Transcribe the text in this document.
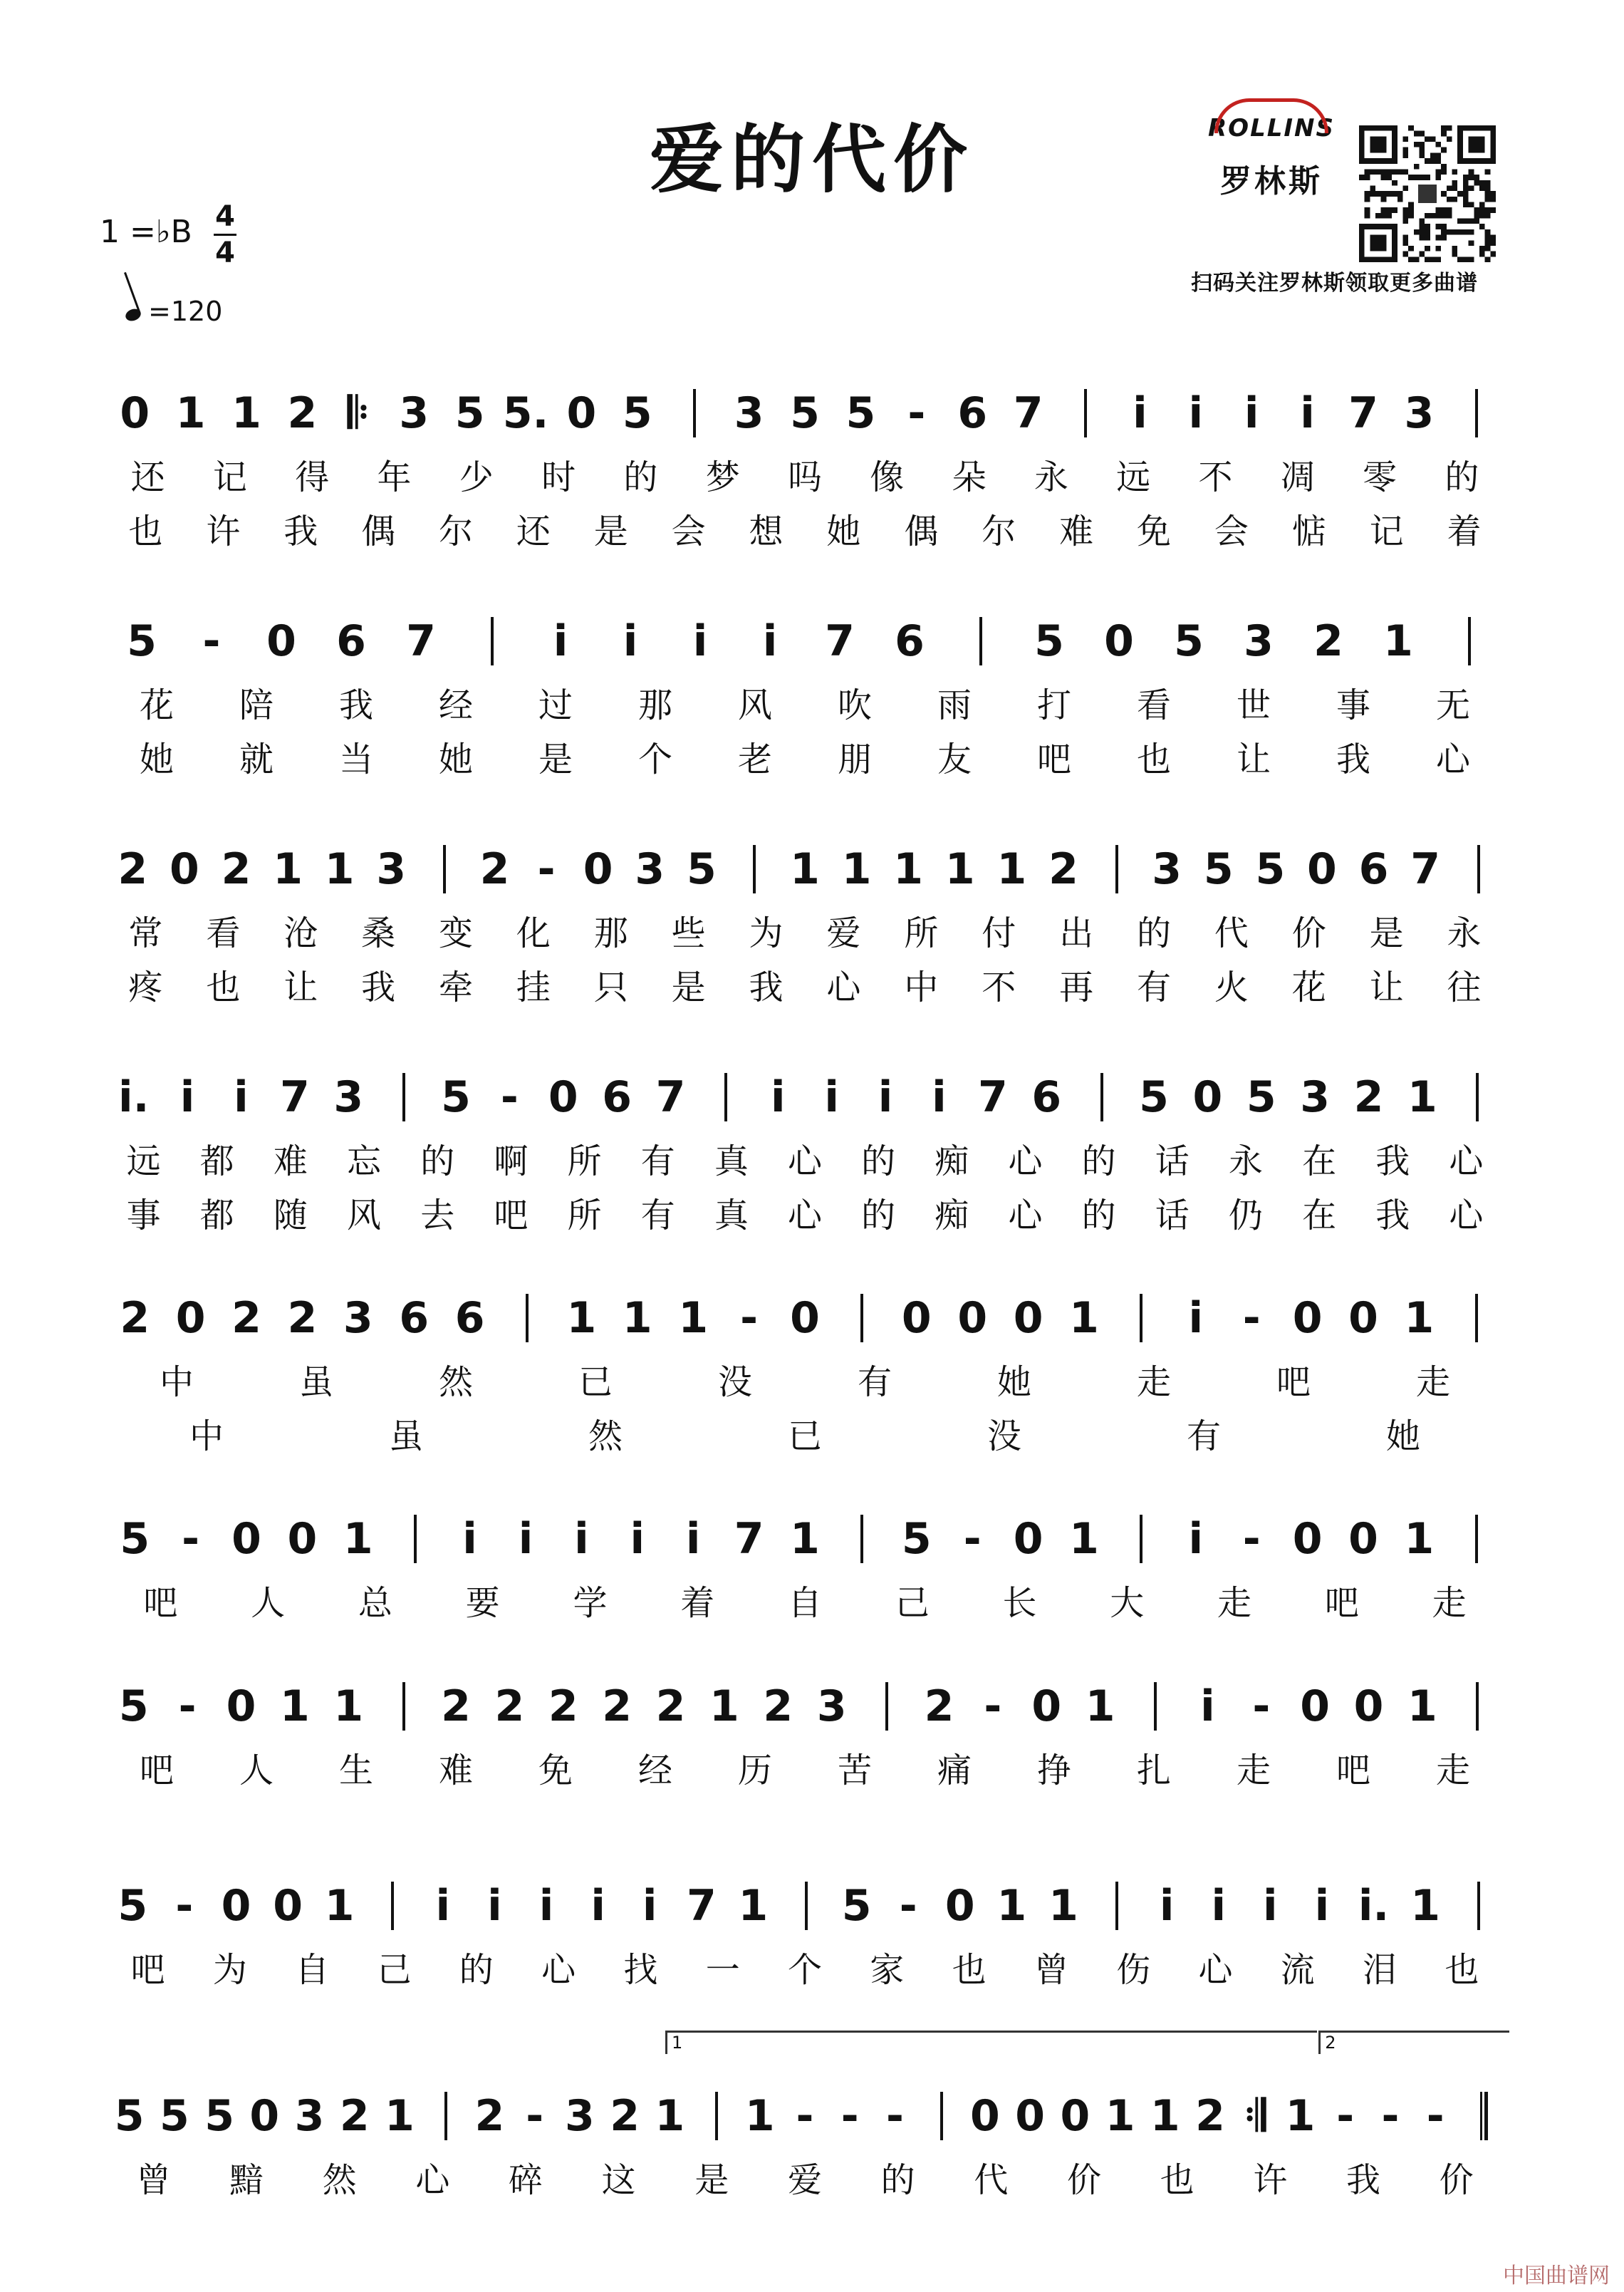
爱的代价
1 =♭B 4
4
=120
ROLLINS
罗林斯
扫码关注罗林斯领取更多曲谱
0 1 1 2 𝄆 3 5 5. 0 5 3 5 5 - 6 7 i i i i 7 3
还 记 得 年 少 时 的 梦 吗 像 朵 永 远 不 凋 零 的
也 许 我 偶 尔 还 是 会 想 她 偶 尔 难 免 会 惦 记 着
5 - 0 6 7	i i i i 7 6	5 0 5 3 2 1
花 陪 我 经 过 那 风 吹 雨 打 看 世 事 无
她 就 当 她 是 个 老 朋 友 吧 也 让 我 心
2 0 2 1 1 3 2 - 0 3 5 1 1 1 1 1 2 3 5 5 0 6 7
常 看 沧 桑 变 化 那 些 为 爱 所 付 出 的 代 价 是 永
疼 也 让 我 牵 挂 只 是 我 心 中 不 再 有 火 花 让 往
i. i i 7 3 5 - 0 6 7 i i i i 7 6 5 0 5 3 2 1
远 都 难 忘 的 啊 所 有 真 心 的 痴 心 的 话 永 在 我 心
事 都 随 风 去 吧 所 有 真 心 的 痴 心 的 话 仍 在 我 心
2 0 2 2 3 6 6 1 1 1 - 0 0 0 0 1 i - 0 0 1
中	虽	然	已	没	有	她	走	吧	走
中	虽	然	已	没	有	她
5 - 0 0 1 i i i i i 7 1 5 - 0 1 i - 0 0 1
吧 人 总 要 学 着 自 己 长 大 走 吧 走
5 - 0 1 1 2 2 2 2 2 1 2 3 2 - 0 1 i - 0 0 1
吧 人 生 难 免 经 历 苦 痛 挣 扎 走 吧 走
5 - 0 0 1 i i i i i 7 1 5 - 0 1 1 i i i i i. 1
吧 为 自 己 的 心 找 一 个 家 也 曾 伤 心 流 泪 也
5 5 5 0 3 2 1 2 - 3 2 1 1 - - - 0 0 0 1 1 2 𝄇 1 - - -
曾 黯 然 心 碎 这 是 爱 的 代 价 也 许 我 价
1	2
中国曲谱网
